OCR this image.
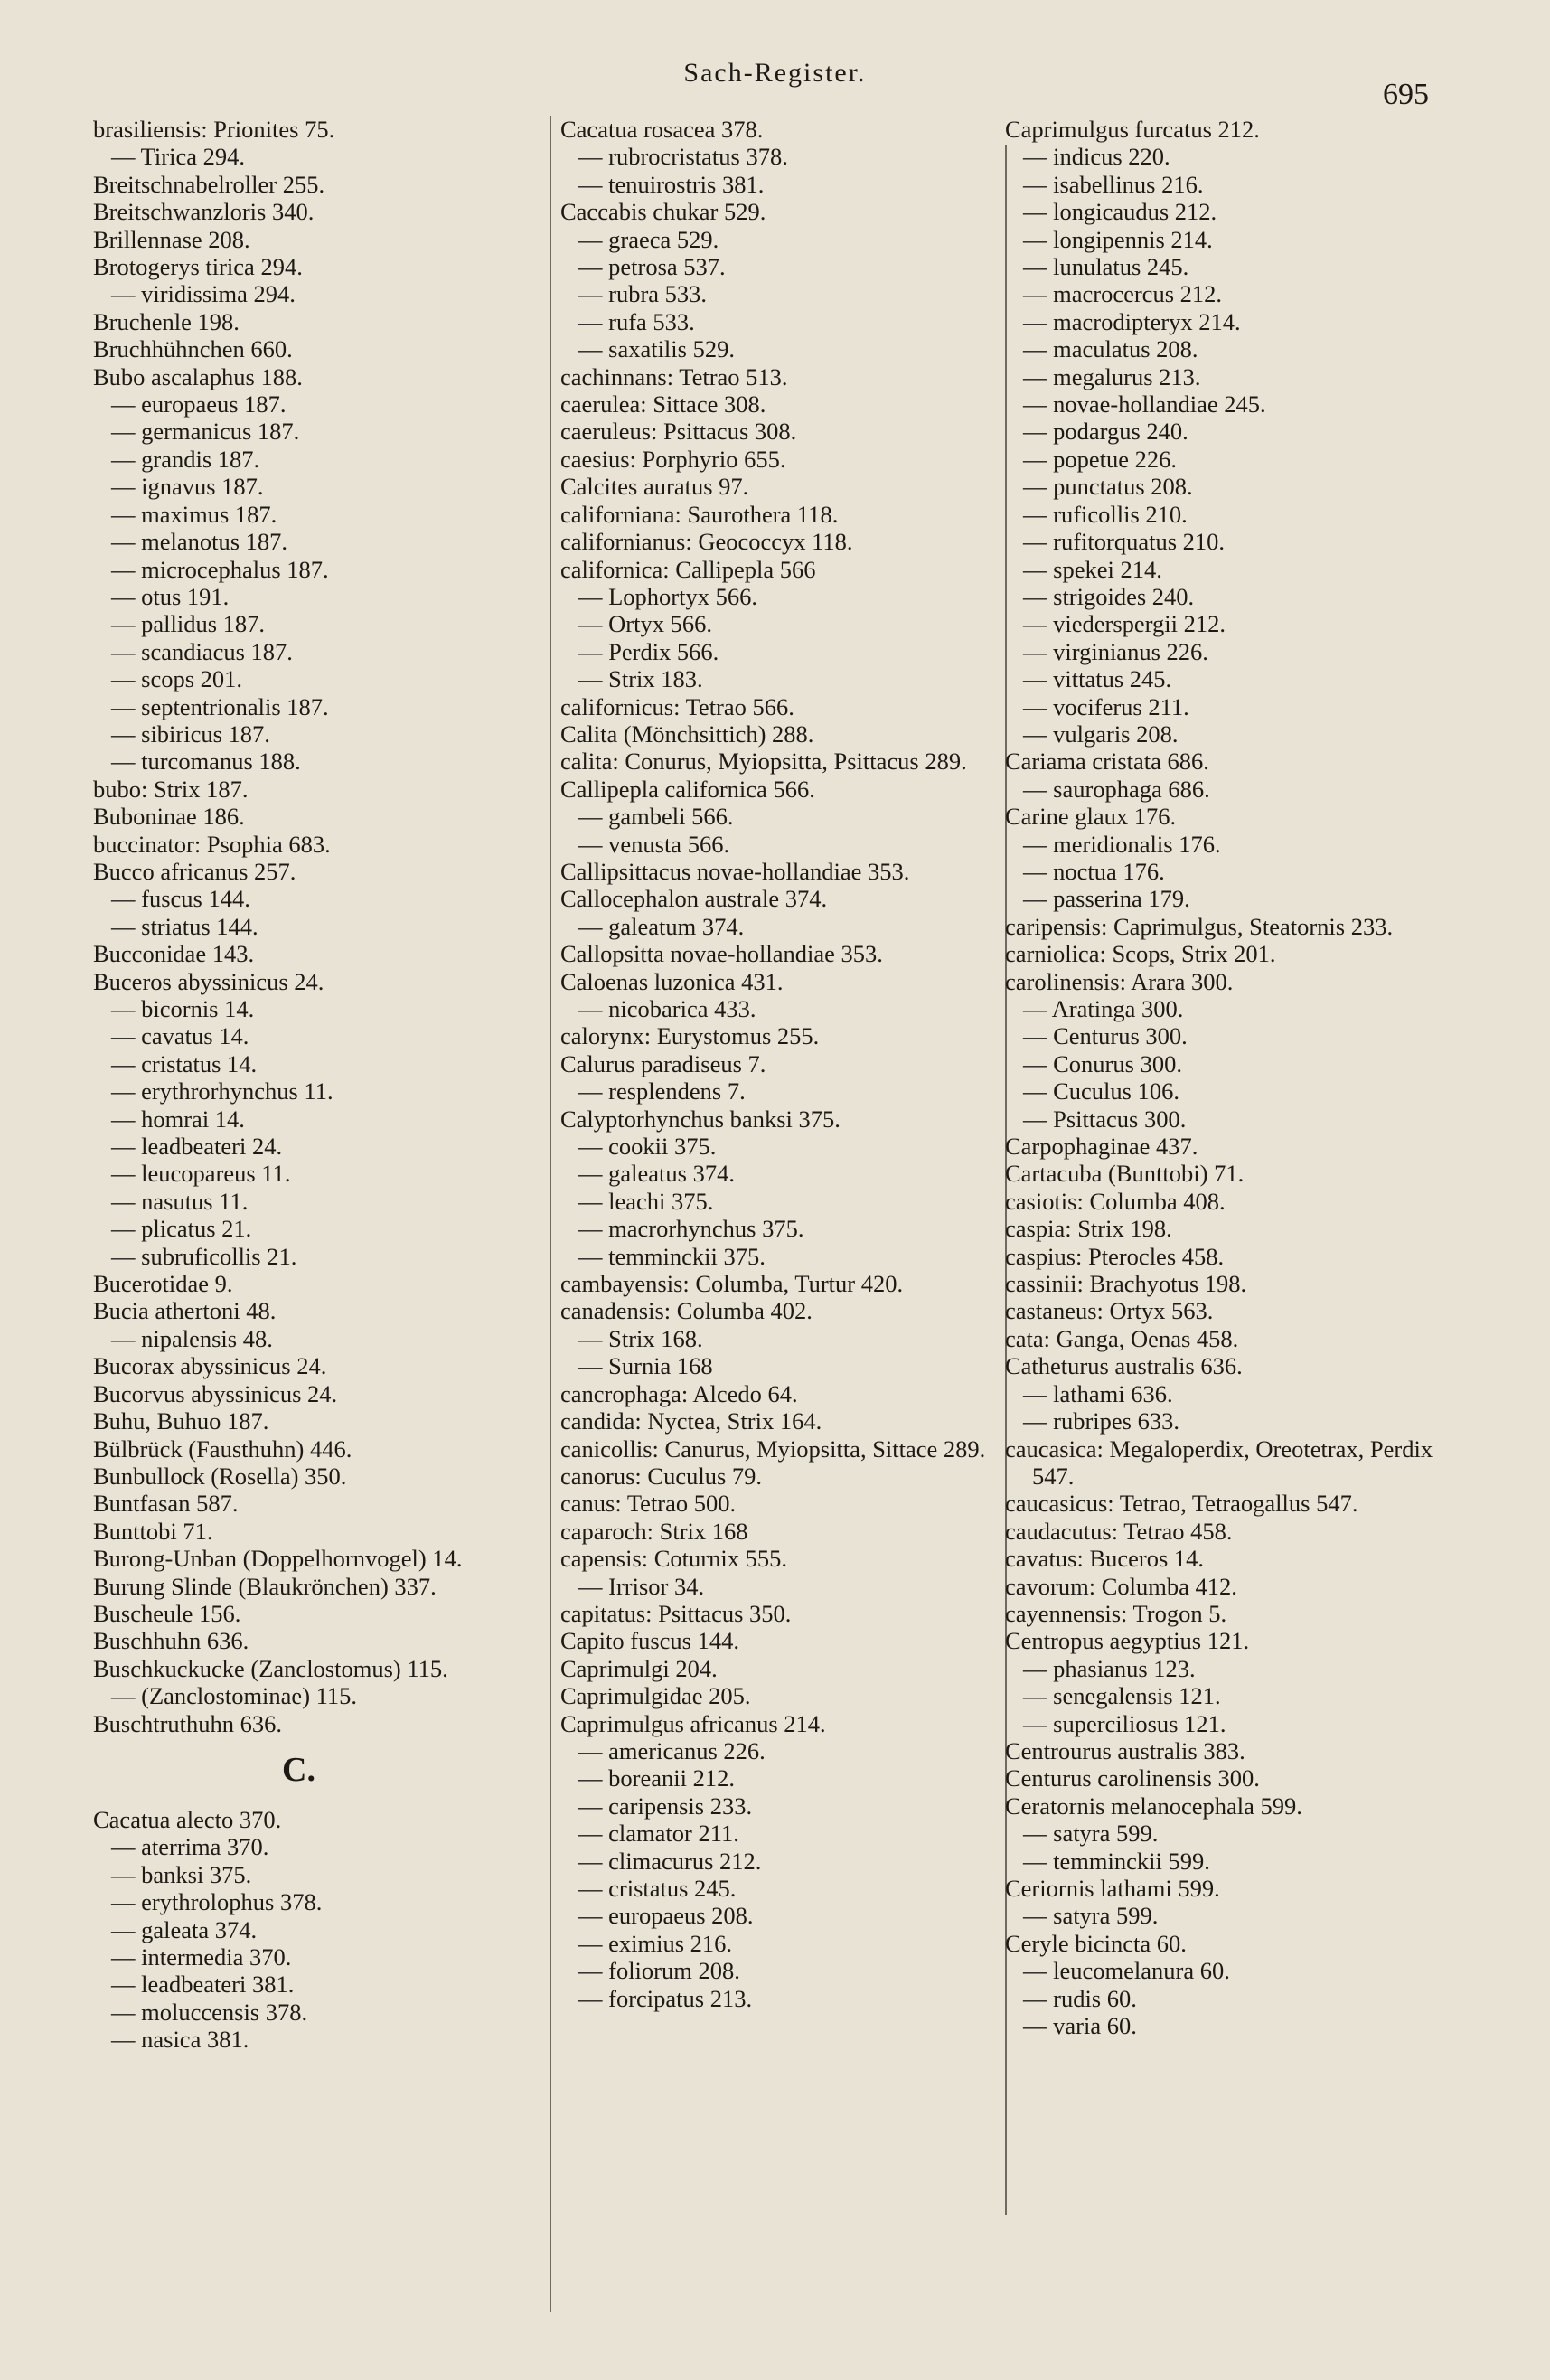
Sach-Register.
695
brasiliensis: Prionites 75.
— Tirica 294.
Breitschnabelroller 255.
Breitschwanzloris 340.
Brillennase 208.
Brotogerys tirica 294.
— viridissima 294.
Bruchenle 198.
Bruchhühnchen 660.
Bubo ascalaphus 188.
— europaeus 187.
— germanicus 187.
— grandis 187.
— ignavus 187.
— maximus 187.
— melanotus 187.
— microcephalus 187.
— otus 191.
— pallidus 187.
— scandiacus 187.
— scops 201.
— septentrionalis 187.
— sibiricus 187.
— turcomanus 188.
bubo: Strix 187.
Buboninae 186.
buccinator: Psophia 683.
Bucco africanus 257.
— fuscus 144.
— striatus 144.
Bucconidae 143.
Buceros abyssinicus 24.
— bicornis 14.
— cavatus 14.
— cristatus 14.
— erythrorhynchus 11.
— homrai 14.
— leadbeateri 24.
— leucopareus 11.
— nasutus 11.
— plicatus 21.
— subruficollis 21.
Bucerotidae 9.
Bucia athertoni 48.
— nipalensis 48.
Bucorax abyssinicus 24.
Bucorvus abyssinicus 24.
Buhu, Buhuo 187.
Bülbrück (Fausthuhn) 446.
Bunbullock (Rosella) 350.
Buntfasan 587.
Bunttobi 71.
Burong-Unban (Doppelhornvogel) 14.
Burung Slinde (Blaukrönchen) 337.
Buscheule 156.
Buschhuhn 636.
Buschkuckucke (Zanclostomus) 115.
— (Zanclostominae) 115.
Buschtruthuhn 636.
C.
Cacatua alecto 370.
— aterrima 370.
— banksi 375.
— erythrolophus 378.
— galeata 374.
— intermedia 370.
— leadbeateri 381.
— moluccensis 378.
— nasica 381.
Cacatua rosacea 378.
— rubrocristatus 378.
— tenuirostris 381.
Caccabis chukar 529.
— graeca 529.
— petrosa 537.
— rubra 533.
— rufa 533.
— saxatilis 529.
cachinnans: Tetrao 513.
caerulea: Sittace 308.
caeruleus: Psittacus 308.
caesius: Porphyrio 655.
Calcites auratus 97.
californiana: Saurothera 118.
californianus: Geococcyx 118.
californica: Callipepla 566
— Lophortyx 566.
— Ortyx 566.
— Perdix 566.
— Strix 183.
californicus: Tetrao 566.
Calita (Mönchsittich) 288.
calita: Conurus, Myiopsitta, Psittacus 289.
Callipepla californica 566.
— gambeli 566.
— venusta 566.
Callipsittacus novae-hollandiae 353.
Callocephalon australe 374.
— galeatum 374.
Callopsitta novae-hollandiae 353.
Caloenas luzonica 431.
— nicobarica 433.
calorynx: Eurystomus 255.
Calurus paradiseus 7.
— resplendens 7.
Calyptorhynchus banksi 375.
— cookii 375.
— galeatus 374.
— leachi 375.
— macrorhynchus 375.
— temminckii 375.
cambayensis: Columba, Turtur 420.
canadensis: Columba 402.
— Strix 168.
— Surnia 168
cancrophaga: Alcedo 64.
candida: Nyctea, Strix 164.
canicollis: Canurus, Myiopsitta, Sittace 289.
canorus: Cuculus 79.
canus: Tetrao 500.
caparoch: Strix 168
capensis: Coturnix 555.
— Irrisor 34.
capitatus: Psittacus 350.
Capito fuscus 144.
Caprimulgi 204.
Caprimulgidae 205.
Caprimulgus africanus 214.
— americanus 226.
— boreanii 212.
— caripensis 233.
— clamator 211.
— climacurus 212.
— cristatus 245.
— europaeus 208.
— eximius 216.
— foliorum 208.
— forcipatus 213.
Caprimulgus furcatus 212.
— indicus 220.
— isabellinus 216.
— longicaudus 212.
— longipennis 214.
— lunulatus 245.
— macrocercus 212.
— macrodipteryx 214.
— maculatus 208.
— megalurus 213.
— novae-hollandiae 245.
— podargus 240.
— popetue 226.
— punctatus 208.
— ruficollis 210.
— rufitorquatus 210.
— spekei 214.
— strigoides 240.
— viederspergii 212.
— virginianus 226.
— vittatus 245.
— vociferus 211.
— vulgaris 208.
Cariama cristata 686.
— saurophaga 686.
Carine glaux 176.
— meridionalis 176.
— noctua 176.
— passerina 179.
caripensis: Caprimulgus, Steatornis 233.
carniolica: Scops, Strix 201.
carolinensis: Arara 300.
— Aratinga 300.
— Centurus 300.
— Conurus 300.
— Cuculus 106.
— Psittacus 300.
Carpophaginae 437.
Cartacuba (Bunttobi) 71.
casiotis: Columba 408.
caspia: Strix 198.
caspius: Pterocles 458.
cassinii: Brachyotus 198.
castaneus: Ortyx 563.
cata: Ganga, Oenas 458.
Catheturus australis 636.
— lathami 636.
— rubripes 633.
caucasica: Megaloperdix, Oreotetrax, Perdix 547.
caucasicus: Tetrao, Tetraogallus 547.
caudacutus: Tetrao 458.
cavatus: Buceros 14.
cavorum: Columba 412.
cayennensis: Trogon 5.
Centropus aegyptius 121.
— phasianus 123.
— senegalensis 121.
— superciliosus 121.
Centrourus australis 383.
Centurus carolinensis 300.
Ceratornis melanocephala 599.
— satyra 599.
— temminckii 599.
Ceriornis lathami 599.
— satyra 599.
Ceryle bicincta 60.
— leucomelanura 60.
— rudis 60.
— varia 60.
